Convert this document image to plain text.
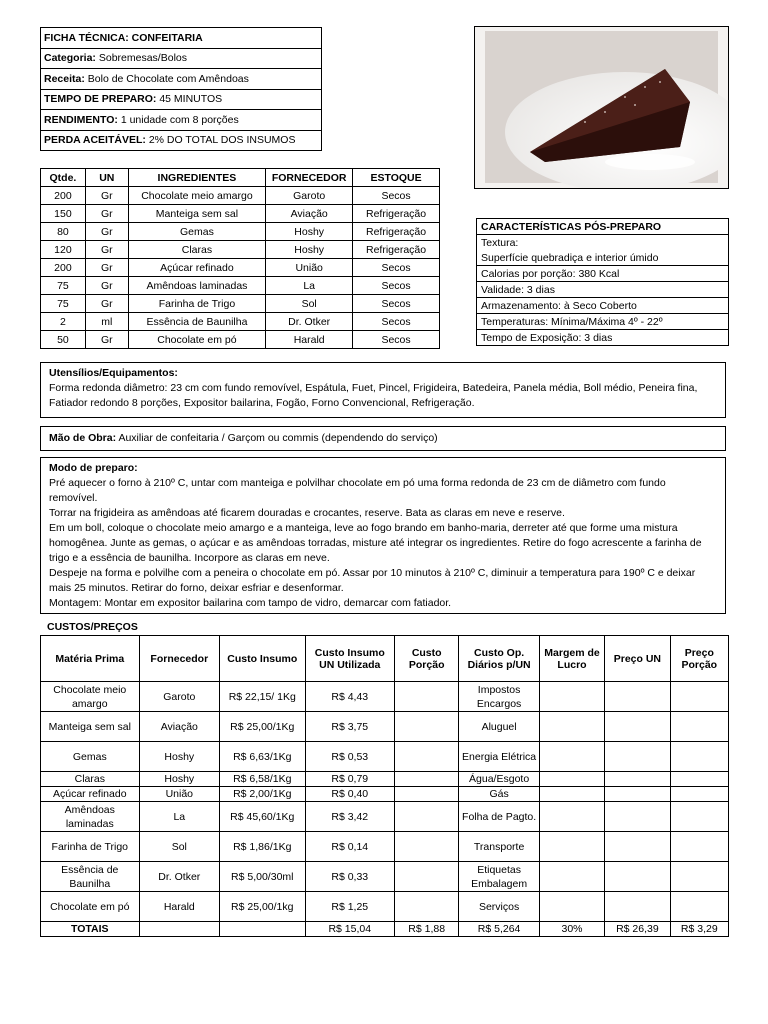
FICHA TÉCNICA: CONFEITARIA
Categoria: Sobremesas/Bolos
Receita: Bolo de Chocolate com Amêndoas
TEMPO DE PREPARO: 45 MINUTOS
RENDIMENTO: 1 unidade com 8 porções
PERDA ACEITÁVEL: 2% DO TOTAL DOS INSUMOS
Qtde.	UN	INGREDIENTES	FORNECEDOR	ESTOQUE
200	Gr	Chocolate meio amargo	Garoto	Secos
150	Gr	Manteiga sem sal	Aviação	Refrigeração
80	Gr	Gemas	Hoshy	Refrigeração
120	Gr	Claras	Hoshy	Refrigeração
200	Gr	Açúcar refinado	União	Secos
75	Gr	Amêndoas laminadas	La	Secos
75	Gr	Farinha de Trigo	Sol	Secos
2	ml	Essência de Baunilha	Dr. Otker	Secos
50	Gr	Chocolate em pó	Harald	Secos
CARACTERÍSTICAS PÓS-PREPARO
Textura:
Superfície quebradiça e interior úmido
Calorias por porção: 380 Kcal
Validade: 3 dias
Armazenamento: à Seco Coberto
Temperaturas: Mínima/Máxima 4º - 22º
Tempo de Exposição: 3 dias
Utensílios/Equipamentos:
Forma redonda diâmetro: 23 cm com fundo removível, Espátula, Fuet, Pincel, Frigideira, Batedeira, Panela média, Boll médio, Peneira fina, Fatiador redondo 8 porções, Expositor bailarina, Fogão, Forno Convencional, Refrigeração.
Mão de Obra: Auxiliar de confeitaria / Garçom ou commis (dependendo do serviço)
Modo de preparo:
Pré aquecer o forno à 210º C, untar com manteiga e polvilhar chocolate em pó uma forma redonda de 23 cm de diâmetro com fundo removível.
Torrar na frigideira as amêndoas até ficarem douradas e crocantes, reserve. Bata as claras em neve e reserve.
Em um boll, coloque o chocolate meio amargo e a manteiga, leve ao fogo brando em banho-maria, derreter até que forme uma mistura homogênea. Junte as gemas, o açúcar e as amêndoas torradas, misture até integrar os ingredientes. Retire do fogo acrescente a farinha de trigo e a essência de baunilha. Incorpore as claras em neve.
Despeje na forma e polvilhe com a peneira o chocolate em pó. Assar por 10 minutos à 210º C, diminuir a temperatura para 190º C e deixar mais 25 minutos. Retirar do forno, deixar esfriar e desenformar.
Montagem: Montar em expositor bailarina com tampo de vidro, demarcar com fatiador.
CUSTOS/PREÇOS
Matéria Prima	Fornecedor	Custo Insumo	Custo Insumo UN Utilizada	Custo Porção	Custo Op. Diários p/UN	Margem de Lucro	Preço UN	Preço Porção
Chocolate meio amargo	Garoto	R$ 22,15/ 1Kg	R$ 4,43		Impostos Encargos			
Manteiga sem sal	Aviação	R$ 25,00/1Kg	R$ 3,75		Aluguel			
Gemas	Hoshy	R$ 6,63/1Kg	R$ 0,53		Energia Elétrica			
Claras	Hoshy	R$ 6,58/1Kg	R$ 0,79		Água/Esgoto			
Açúcar refinado	União	R$ 2,00/1Kg	R$ 0,40		Gás			
Amêndoas laminadas	La	R$ 45,60/1Kg	R$ 3,42		Folha de Pagto.			
Farinha de Trigo	Sol	R$ 1,86/1Kg	R$ 0,14		Transporte			
Essência de Baunilha	Dr. Otker	R$ 5,00/30ml	R$ 0,33		Etiquetas Embalagem			
Chocolate em pó	Harald	R$ 25,00/1kg	R$ 1,25		Serviços			
TOTAIS			R$ 15,04	R$ 1,88	R$ 5,264	30%	R$ 26,39	R$ 3,29
